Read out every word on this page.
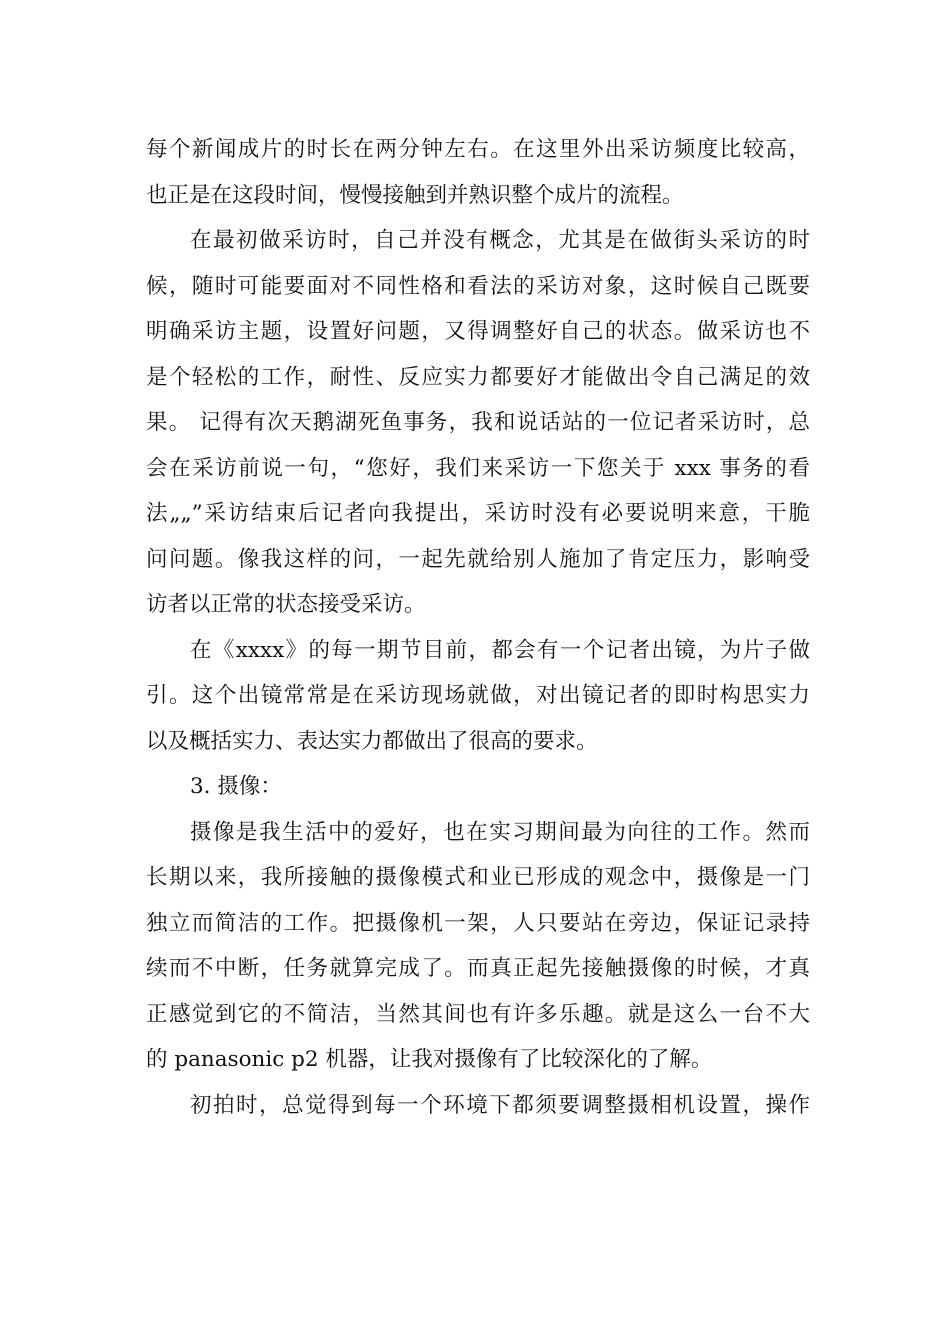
每个新闻成片的时长在两分钟左右。在这里外出采访频度比较高，
也正是在这段时间，慢慢接触到并熟识整个成片的流程。
在最初做采访时，自己并没有概念，尤其是在做街头采访的时
候，随时可能要面对不同性格和看法的采访对象，这时候自己既要
明确采访主题，设置好问题，又得调整好自己的状态。做采访也不
是个轻松的工作，耐性、反应实力都要好才能做出令自己满足的效
果。 记得有次天鹅湖死鱼事务，我和说话站的一位记者采访时，总
会在采访前说一句，“您好，我们来采访一下您关于 xxx 事务的看
法„„”采访结束后记者向我提出，采访时没有必要说明来意，干脆
问问题。像我这样的问，一起先就给别人施加了肯定压力，影响受
访者以正常的状态接受采访。
在《xxxx》的每一期节目前，都会有一个记者出镜，为片子做
引。这个出镜常常是在采访现场就做，对出镜记者的即时构思实力
以及概括实力、表达实力都做出了很高的要求。
3. 摄像：
摄像是我生活中的爱好，也在实习期间最为向往的工作。然而
长期以来，我所接触的摄像模式和业已形成的观念中，摄像是一门
独立而简洁的工作。把摄像机一架，人只要站在旁边，保证记录持
续而不中断，任务就算完成了。而真正起先接触摄像的时候，才真
正感觉到它的不简洁，当然其间也有许多乐趣。就是这么一台不大
的 panasonic p2 机器，让我对摄像有了比较深化的了解。
初拍时，总觉得到每一个环境下都须要调整摄相机设置，操作
